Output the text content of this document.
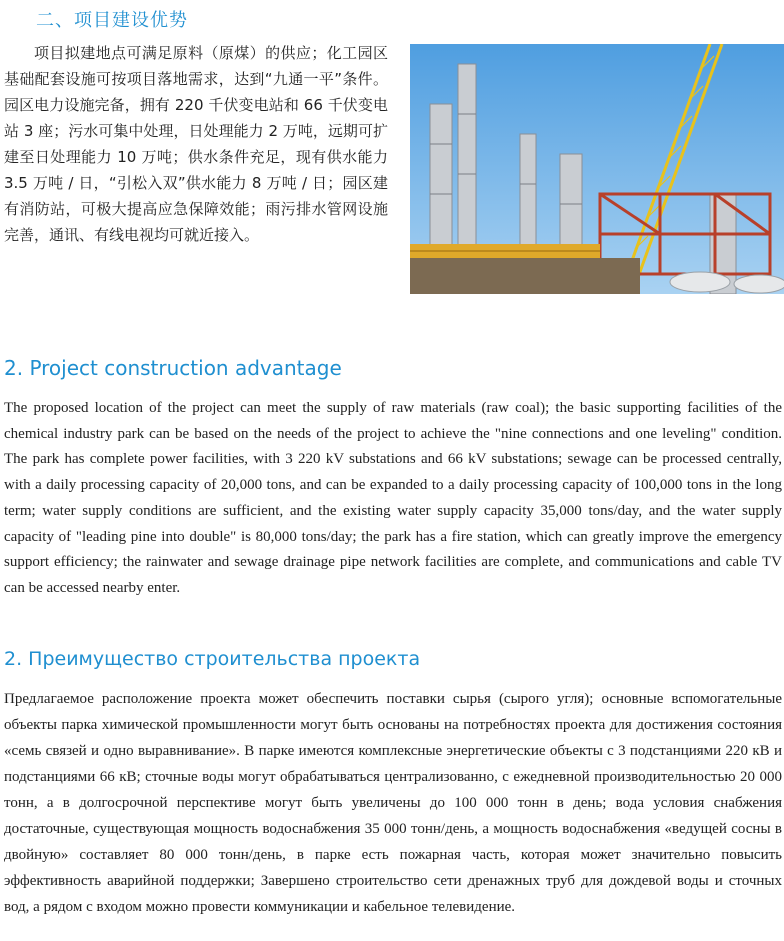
二、项目建设优势

项目拟建地点可满足原料（原煤）的供应；化工园区基础配套设施可按项目落地需求，达到“九通一平”条件。园区电力设施完备，拥有 220 千伏变电站和 66 千伏变电站 3 座；污水可集中处理，日处理能力 2 万吨，远期可扩建至日处理能力 10 万吨；供水条件充足，现有供水能力 3.5 万吨 / 日，“引松入双”供水能力 8 万吨 / 日；园区建有消防站，可极大提高应急保障效能；雨污排水管网设施完善，通讯、有线电视均可就近接入。

2. Project construction advantage

The proposed location of the project can meet the supply of raw materials (raw coal); the basic supporting facilities of the chemical industry park can be based on the needs of the project to achieve the "nine connections and one leveling" condition. The park has complete power facilities, with 3 220 kV substations and 66 kV substations; sewage can be processed centrally, with a daily processing capacity of 20,000 tons, and can be expanded to a daily processing capacity of 100,000 tons in the long term; water supply conditions are sufficient, and the existing water supply capacity 35,000 tons/day, and the water supply capacity of "leading pine into double" is 80,000 tons/day; the park has a fire station, which can greatly improve the emergency support efficiency; the rainwater and sewage drainage pipe network facilities are complete, and communications and cable TV can be accessed nearby enter.

2. Преимущество строительства проекта

Предлагаемое расположение проекта может обеспечить поставки сырья (сырого угля); основные вспомогательные объекты парка химической промышленности могут быть основаны на потребностях проекта для достижения состояния «семь связей и одно выравнивание». В парке имеются комплексные энергетические объекты с 3 подстанциями 220 кВ и подстанциями 66 кВ; сточные воды могут обрабатываться централизованно, с ежедневной производительностью 20 000 тонн, а в долгосрочной перспективе могут быть увеличены до 100 000 тонн в день; вода условия снабжения достаточные, существующая мощность водоснабжения 35 000 тонн/день, а мощность водоснабжения «ведущей сосны в двойную» составляет 80 000 тонн/день, в парке есть пожарная часть, которая может значительно повысить эффективность аварийной поддержки; Завершено строительство сети дренажных труб для дождевой воды и сточных вод, а рядом с входом можно провести коммуникации и кабельное телевидение.
